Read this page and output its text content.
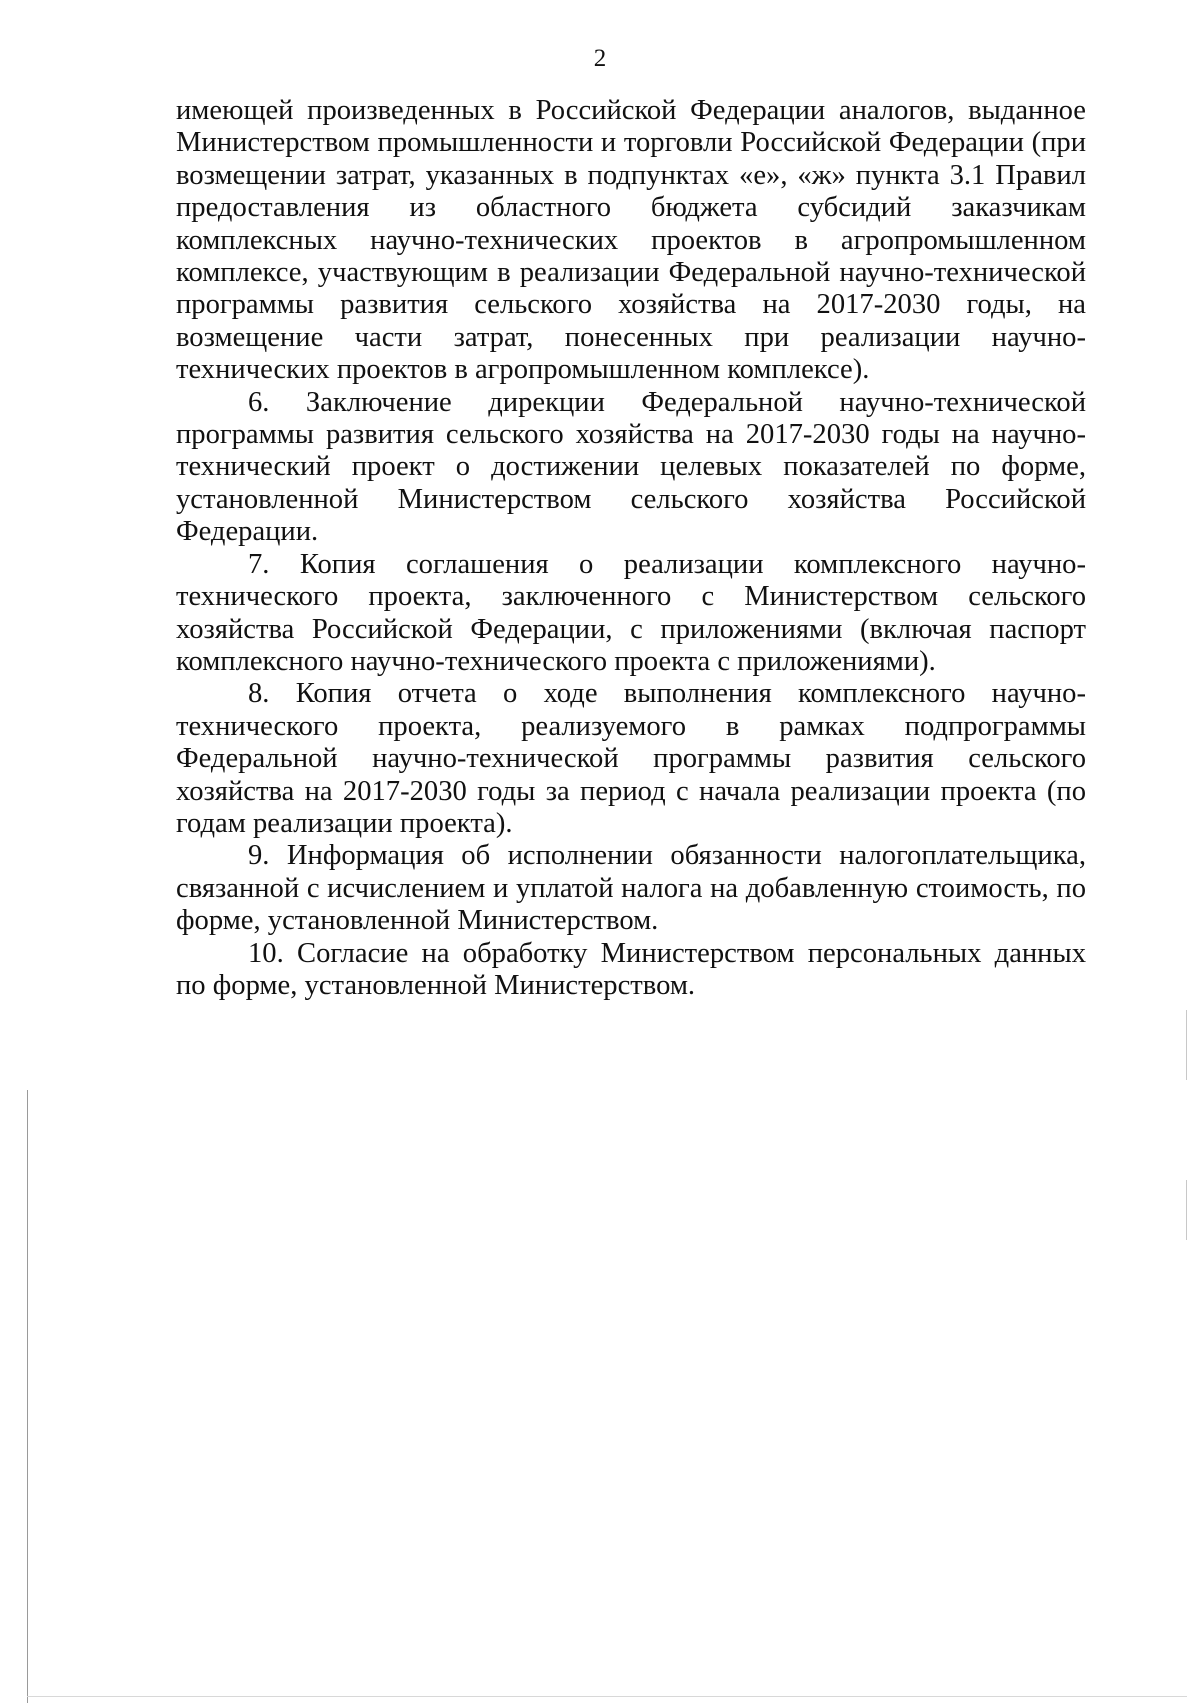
2

имеющей произведенных в Российской Федерации аналогов, выданное Министерством промышленности и торговли Российской Федерации (при возмещении затрат, указанных в подпунктах «е», «ж» пункта 3.1 Правил предоставления из областного бюджета субсидий заказчикам комплексных научно-технических проектов в агропромышленном комплексе, участвующим в реализации Федеральной научно-технической программы развития сельского хозяйства на 2017-2030 годы, на возмещение части затрат, понесенных при реализации научно-технических проектов в агропромышленном комплексе).

6. Заключение дирекции Федеральной научно-технической программы развития сельского хозяйства на 2017-2030 годы на научно-технический проект о достижении целевых показателей по форме, установленной Министерством сельского хозяйства Российской Федерации.

7. Копия соглашения о реализации комплексного научно-технического проекта, заключенного с Министерством сельского хозяйства Российской Федерации, с приложениями (включая паспорт комплексного научно-технического проекта с приложениями).

8. Копия отчета о ходе выполнения комплексного научно-технического проекта, реализуемого в рамках подпрограммы Федеральной научно-технической программы развития сельского хозяйства на 2017-2030 годы за период с начала реализации проекта (по годам реализации проекта).

9. Информация об исполнении обязанности налогоплательщика, связанной с исчислением и уплатой налога на добавленную стоимость, по форме, установленной Министерством.

10. Согласие на обработку Министерством персональных данных по форме, установленной Министерством.
